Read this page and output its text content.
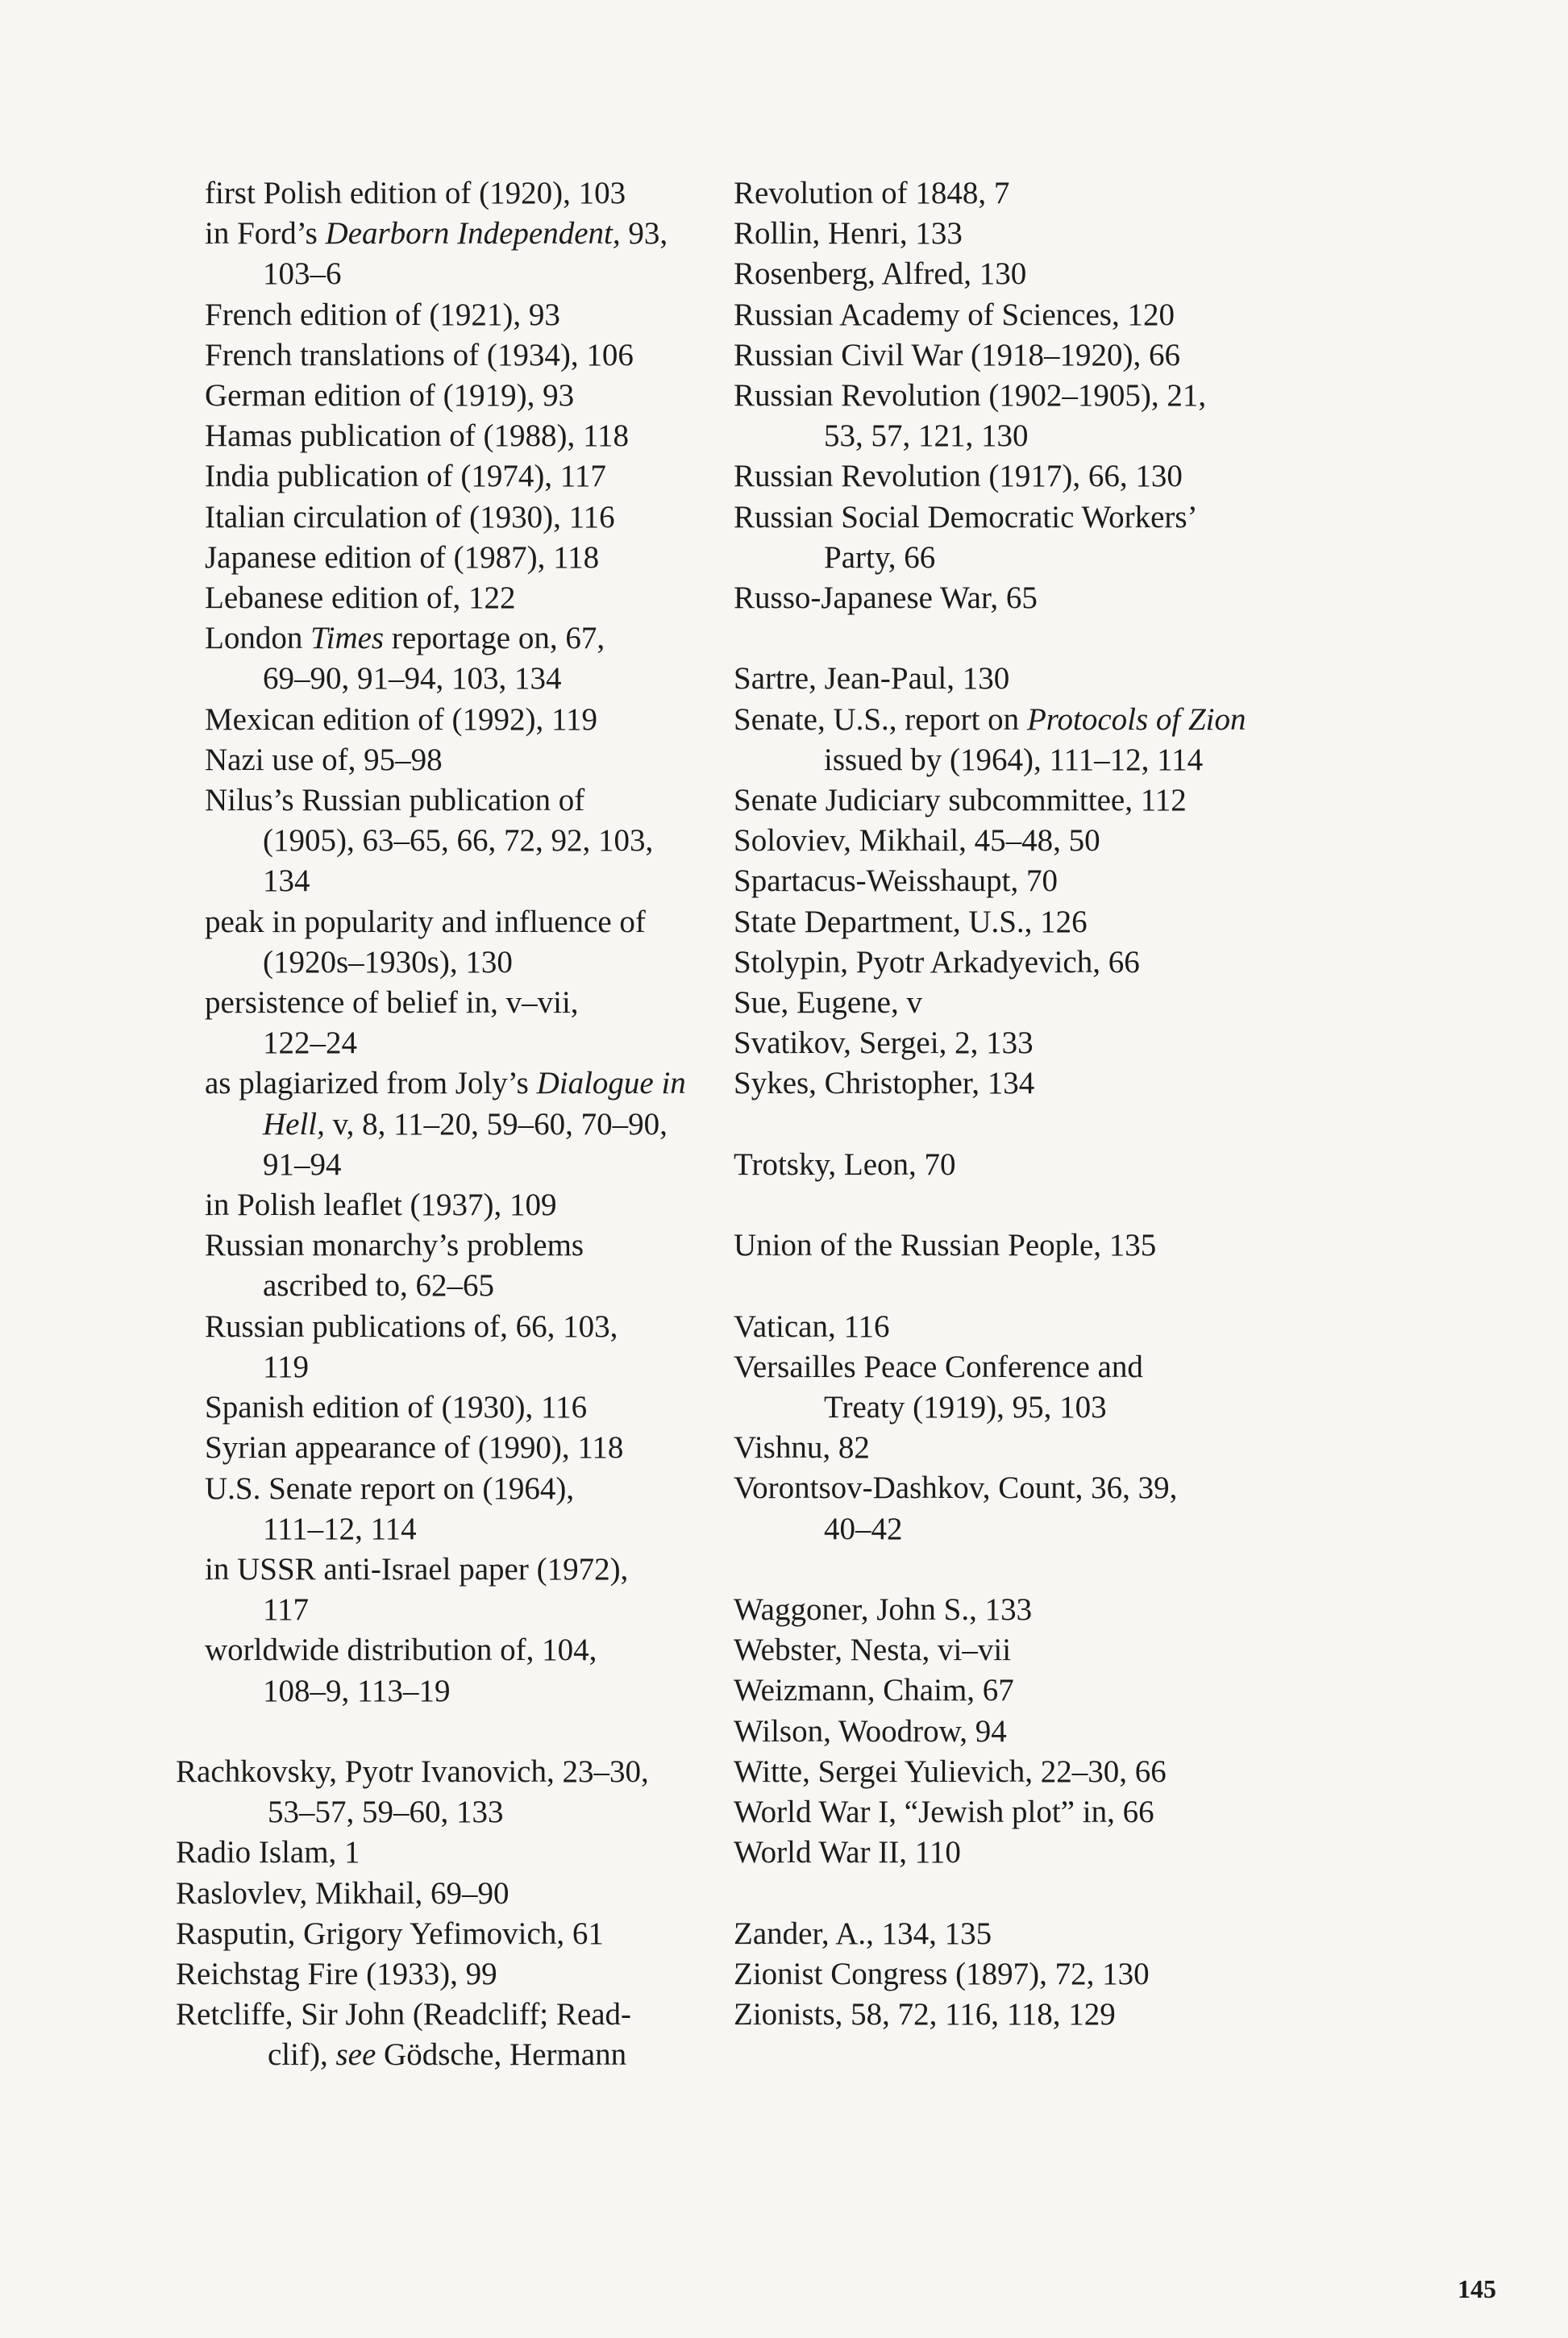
first Polish edition of (1920), 103
in Ford’s Dearborn Independent, 93,
103–6
French edition of (1921), 93
French translations of (1934), 106
German edition of (1919), 93
Hamas publication of (1988), 118
India publication of (1974), 117
Italian circulation of (1930), 116
Japanese edition of (1987), 118
Lebanese edition of, 122
London Times reportage on, 67,
69–90, 91–94, 103, 134
Mexican edition of (1992), 119
Nazi use of, 95–98
Nilus’s Russian publication of
(1905), 63–65, 66, 72, 92, 103,
134
peak in popularity and influence of
(1920s–1930s), 130
persistence of belief in, v–vii,
122–24
as plagiarized from Joly’s Dialogue in
Hell, v, 8, 11–20, 59–60, 70–90,
91–94
in Polish leaflet (1937), 109
Russian monarchy’s problems
ascribed to, 62–65
Russian publications of, 66, 103,
119
Spanish edition of (1930), 116
Syrian appearance of (1990), 118
U.S. Senate report on (1964),
111–12, 114
in USSR anti-Israel paper (1972),
117
worldwide distribution of, 104,
108–9, 113–19
Rachkovsky, Pyotr Ivanovich, 23–30,
53–57, 59–60, 133
Radio Islam, 1
Raslovlev, Mikhail, 69–90
Rasputin, Grigory Yefimovich, 61
Reichstag Fire (1933), 99
Retcliffe, Sir John (Readcliff; Read-
clif), see Gödsche, Hermann
Revolution of 1848, 7
Rollin, Henri, 133
Rosenberg, Alfred, 130
Russian Academy of Sciences, 120
Russian Civil War (1918–1920), 66
Russian Revolution (1902–1905), 21,
53, 57, 121, 130
Russian Revolution (1917), 66, 130
Russian Social Democratic Workers’
Party, 66
Russo-Japanese War, 65
Sartre, Jean-Paul, 130
Senate, U.S., report on Protocols of Zion
issued by (1964), 111–12, 114
Senate Judiciary subcommittee, 112
Soloviev, Mikhail, 45–48, 50
Spartacus-Weisshaupt, 70
State Department, U.S., 126
Stolypin, Pyotr Arkadyevich, 66
Sue, Eugene, v
Svatikov, Sergei, 2, 133
Sykes, Christopher, 134
Trotsky, Leon, 70
Union of the Russian People, 135
Vatican, 116
Versailles Peace Conference and
Treaty (1919), 95, 103
Vishnu, 82
Vorontsov-Dashkov, Count, 36, 39,
40–42
Waggoner, John S., 133
Webster, Nesta, vi–vii
Weizmann, Chaim, 67
Wilson, Woodrow, 94
Witte, Sergei Yulievich, 22–30, 66
World War I, “Jewish plot” in, 66
World War II, 110
Zander, A., 134, 135
Zionist Congress (1897), 72, 130
Zionists, 58, 72, 116, 118, 129
145
